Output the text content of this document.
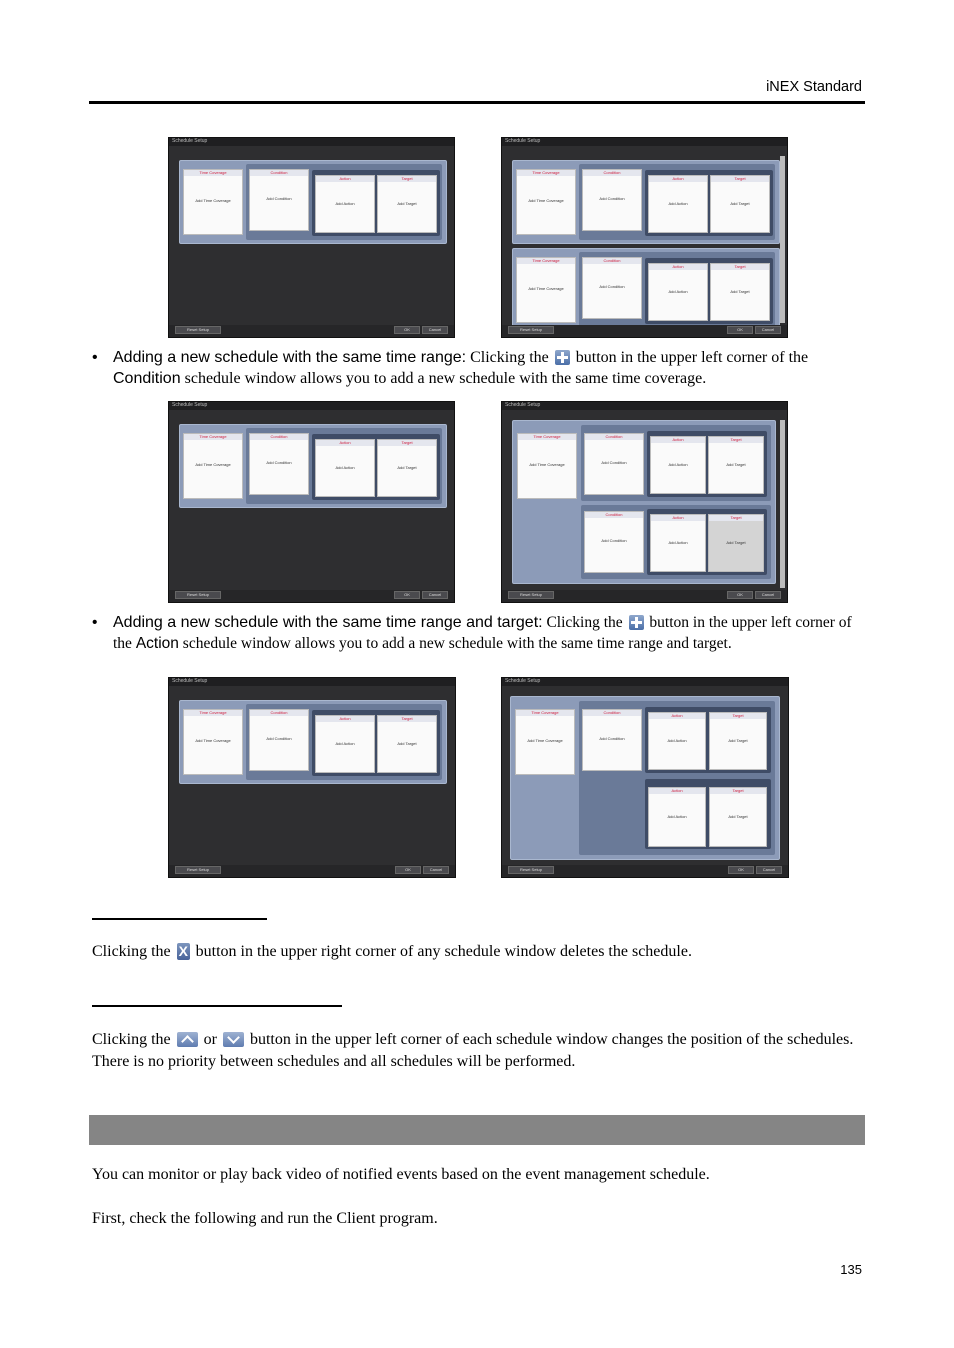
iNEX Standard
Schedule Setup
Time Coverage
Add Time Coverage
Condition
Add Condition
Action
Add Action
Target
Add Target
Reset Setup	OK	Cancel
Schedule Setup
Time Coverage
Add Time Coverage
Condition
Add Condition
Action
Add Action
Target
Add Target
Time Coverage
Add Time Coverage
Condition
Add Condition
Action
Add Action
Target
Add Target
Reset Setup	OK	Cancel
Schedule Setup
Time Coverage
Add Time Coverage
Condition
Add Condition
Action
Add Action
Target
Add Target
Reset Setup	OK	Cancel
Schedule Setup
Time Coverage
Add Time Coverage
Condition
Add Condition
Action
Add Action
Target
Add Target
Condition
Add Condition
Action
Add Action
Target
Add Target
Reset Setup	OK	Cancel
Schedule Setup
Time Coverage
Add Time Coverage
Condition
Add Condition
Action
Add Action
Target
Add Target
Reset Setup	OK	Cancel
Schedule Setup
Time Coverage
Add Time Coverage
Condition
Add Condition
Action
Add Action
Target
Add Target
Action
Add Action
Target
Add Target
Reset Setup	OK	Cancel
• Adding a new schedule with the same time range: Clicking the  button in the upper left corner of the Condition schedule window allows you to add a new schedule with the same time coverage.
• Adding a new schedule with the same time range and target: Clicking the  button in the upper left corner of the Action schedule window allows you to add a new schedule with the same time range and target.
Clicking the X button in the upper right corner of any schedule window deletes the schedule.
Clicking the  or  button in the upper left corner of each schedule window changes the position of the schedules. There is no priority between schedules and all schedules will be performed.
You can monitor or play back video of notified events based on the event management schedule.
First, check the following and run the Client program.
135
